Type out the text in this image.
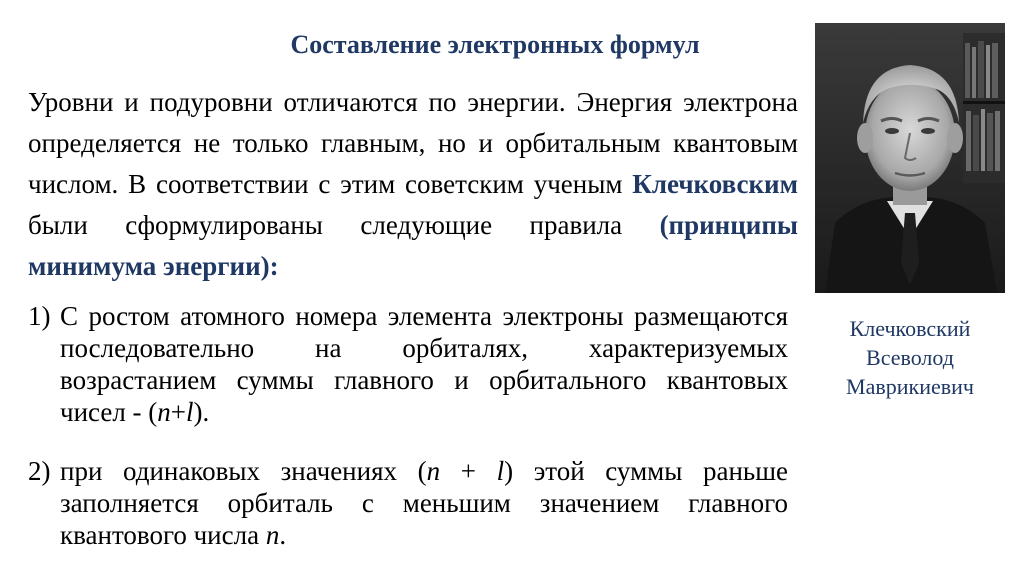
Составление электронных формул
Уровни и подуровни отличаются по энергии. Энергия электрона определяется не только главным, но и орбитальным квантовым числом. В соответствии с этим советским ученым Клечковским были сформулированы следующие правила (принципы минимума энергии):
1) С ростом атомного номера элемента электроны размещаются последовательно на орбиталях, характеризуемых возрастанием суммы главного и орбитального квантовых чисел - (n+l).
2) при одинаковых значениях (n + l) этой суммы раньше заполняется орбиталь с меньшим значением главного квантового числа n.
Клечковский
Всеволод
Маврикиевич
